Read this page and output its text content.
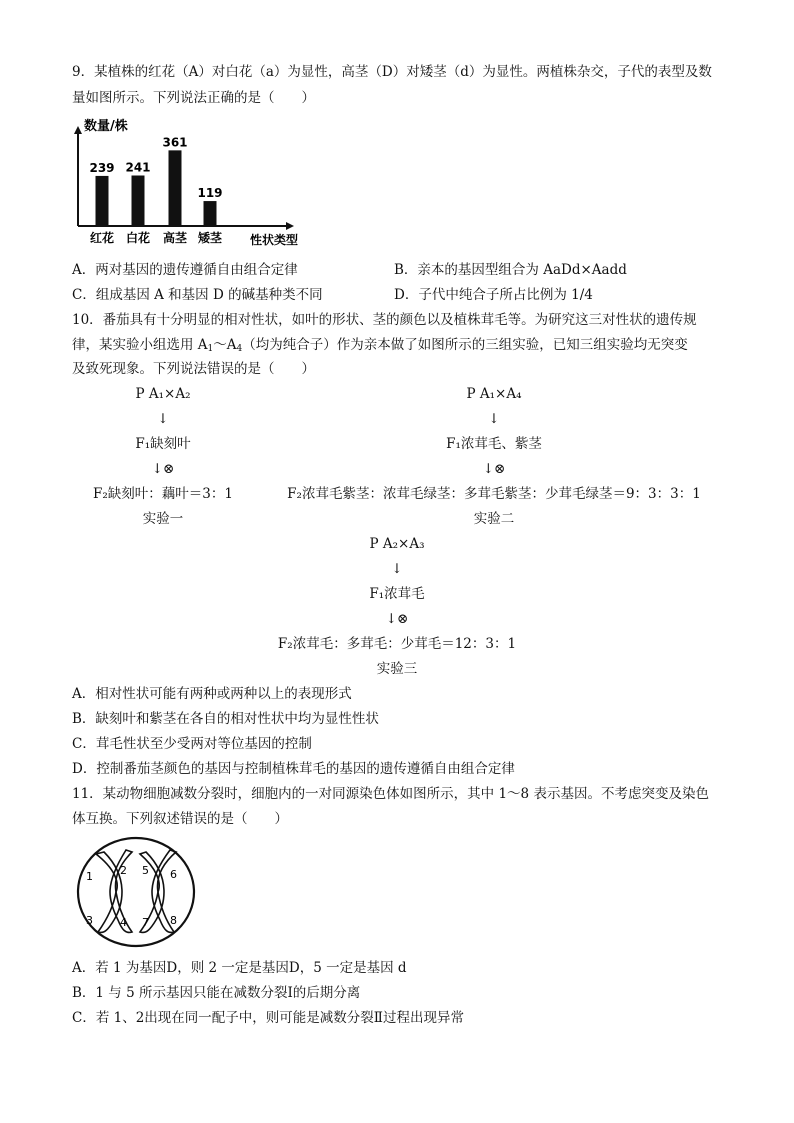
9．某植株的红花（A）对白花（a）为显性，高茎（D）对矮茎（d）为显性。两植株杂交，子代的表型及数
量如图所示。下列说法正确的是（　　）
数量/株
性状类型
239
红花
241
白花
361
高茎
119
矮茎
A．两对基因的遗传遵循自由组合定律	B．亲本的基因型组合为 AaDd×Aadd
C．组成基因 A 和基因 D 的碱基种类不同	D．子代中纯合子所占比例为 1/4
10．番茄具有十分明显的相对性状，如叶的形状、茎的颜色以及植株茸毛等。为研究这三对性状的遗传规
律，某实验小组选用 $A_1\sim A_4$（均为纯合子）作为亲本做了如图所示的三组实验，已知三组实验均无突变
及致死现象。下列说法错误的是（　　）
P A₁×A₂
↓
F₁缺刻叶
↓⊗
F₂缺刻叶：藕叶＝3：1
实验一
P A₁×A₄
↓
F₁浓茸毛、紫茎
↓⊗
F₂浓茸毛紫茎：浓茸毛绿茎：多茸毛紫茎：少茸毛绿茎＝9：3：3：1
实验二
P A₂×A₃
↓
F₁浓茸毛
↓⊗
F₂浓茸毛：多茸毛：少茸毛＝12：3：1
实验三
A．相对性状可能有两种或两种以上的表现形式
B．缺刻叶和紫茎在各自的相对性状中均为显性性状
C．茸毛性状至少受两对等位基因的控制
D．控制番茄茎颜色的基因与控制植株茸毛的基因的遗传遵循自由组合定律
11．某动物细胞减数分裂时，细胞内的一对同源染色体如图所示，其中 1～8 表示基因。不考虑突变及染色
体互换。下列叙述错误的是（　　）
1 2
3 4
5 6
7 8
A．若 1 为基因D，则 2 一定是基因D，5 一定是基因 d
B．1 与 5 所示基因只能在减数分裂Ⅰ的后期分离
C．若 1、2出现在同一配子中，则可能是减数分裂Ⅱ过程出现异常
